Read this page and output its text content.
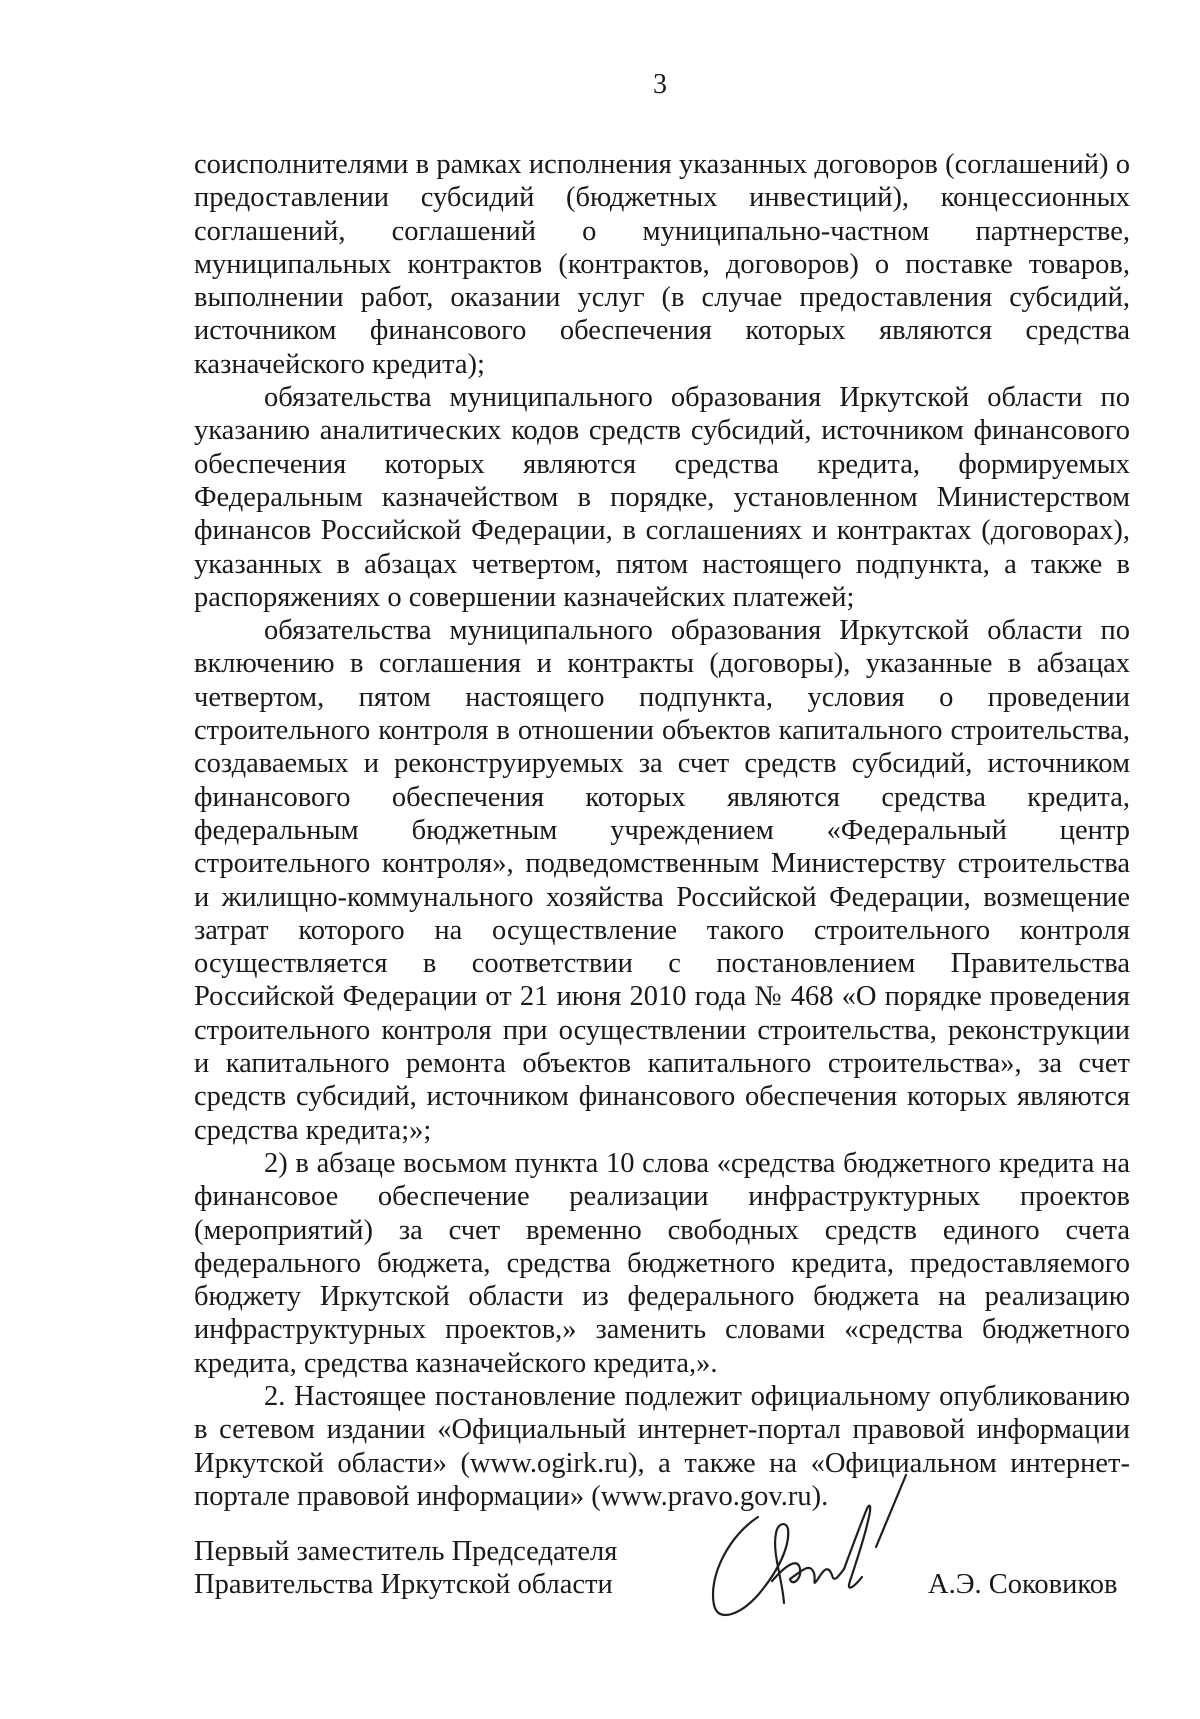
3

соисполнителями в рамках исполнения указанных договоров (соглашений) о предоставлении субсидий (бюджетных инвестиций), концессионных соглашений, соглашений о муниципально-частном партнерстве, муниципальных контрактов (контрактов, договоров) о поставке товаров, выполнении работ, оказании услуг (в случае предоставления субсидий, источником финансового обеспечения которых являются средства казначейского кредита);

обязательства муниципального образования Иркутской области по указанию аналитических кодов средств субсидий, источником финансового обеспечения которых являются средства кредита, формируемых Федеральным казначейством в порядке, установленном Министерством финансов Российской Федерации, в соглашениях и контрактах (договорах), указанных в абзацах четвертом, пятом настоящего подпункта, а также в распоряжениях о совершении казначейских платежей;

обязательства муниципального образования Иркутской области по включению в соглашения и контракты (договоры), указанные в абзацах четвертом, пятом настоящего подпункта, условия о проведении строительного контроля в отношении объектов капитального строительства, создаваемых и реконструируемых за счет средств субсидий, источником финансового обеспечения которых являются средства кредита, федеральным бюджетным учреждением «Федеральный центр строительного контроля», подведомственным Министерству строительства и жилищно-коммунального хозяйства Российской Федерации, возмещение затрат которого на осуществление такого строительного контроля осуществляется в соответствии с постановлением Правительства Российской Федерации от 21 июня 2010 года № 468 «О порядке проведения строительного контроля при осуществлении строительства, реконструкции и капитального ремонта объектов капитального строительства», за счет средств субсидий, источником финансового обеспечения которых являются средства кредита;»;

2) в абзаце восьмом пункта 10 слова «средства бюджетного кредита на финансовое обеспечение реализации инфраструктурных проектов (мероприятий) за счет временно свободных средств единого счета федерального бюджета, средства бюджетного кредита, предоставляемого бюджету Иркутской области из федерального бюджета на реализацию инфраструктурных проектов,» заменить словами «средства бюджетного кредита, средства казначейского кредита,».

2. Настоящее постановление подлежит официальному опубликованию в сетевом издании «Официальный интернет-портал правовой информации Иркутской области» (www.ogirk.ru), а также на «Официальном интернет-портале правовой информации» (www.pravo.gov.ru).

Первый заместитель Председателя
Правительства Иркутской области	А.Э. Соковиков
